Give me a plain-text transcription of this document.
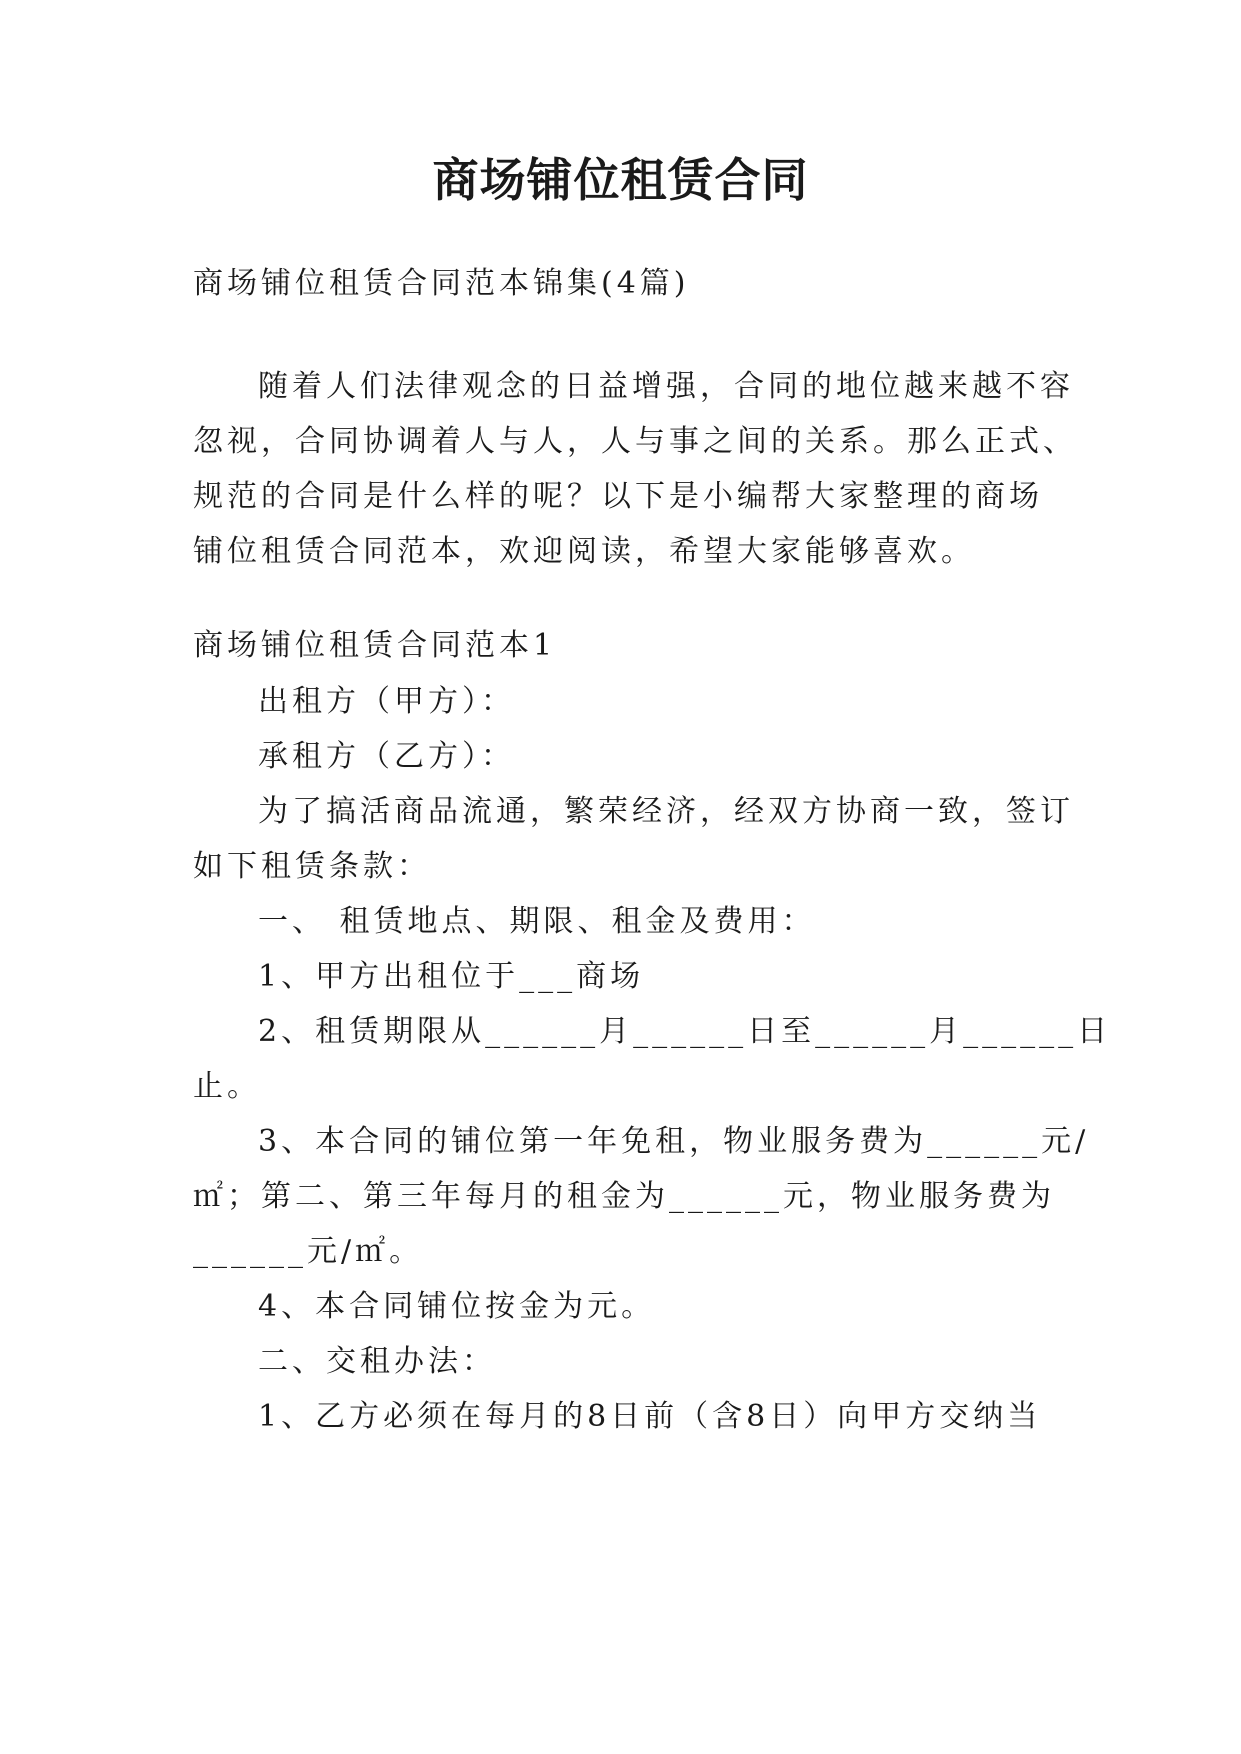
商场铺位租赁合同
商场铺位租赁合同范本锦集(4篇)
随着人们法律观念的日益增强，合同的地位越来越不容
忽视，合同协调着人与人，人与事之间的关系。那么正式、
规范的合同是什么样的呢？以下是小编帮大家整理的商场
铺位租赁合同范本，欢迎阅读，希望大家能够喜欢。
商场铺位租赁合同范本1
出租方（甲方）：
承租方（乙方）：
为了搞活商品流通，繁荣经济，经双方协商一致，签订
如下租赁条款：
一、 租赁地点、期限、租金及费用：
1、甲方出租位于___商场
2、租赁期限从______月______日至______月______日
止。
3、本合同的铺位第一年免租，物业服务费为______元/
㎡；第二、第三年每月的租金为______元，物业服务费为
______元/㎡。
4、本合同铺位按金为元。
二、交租办法：
1、乙方必须在每月的8日前（含8日）向甲方交纳当
